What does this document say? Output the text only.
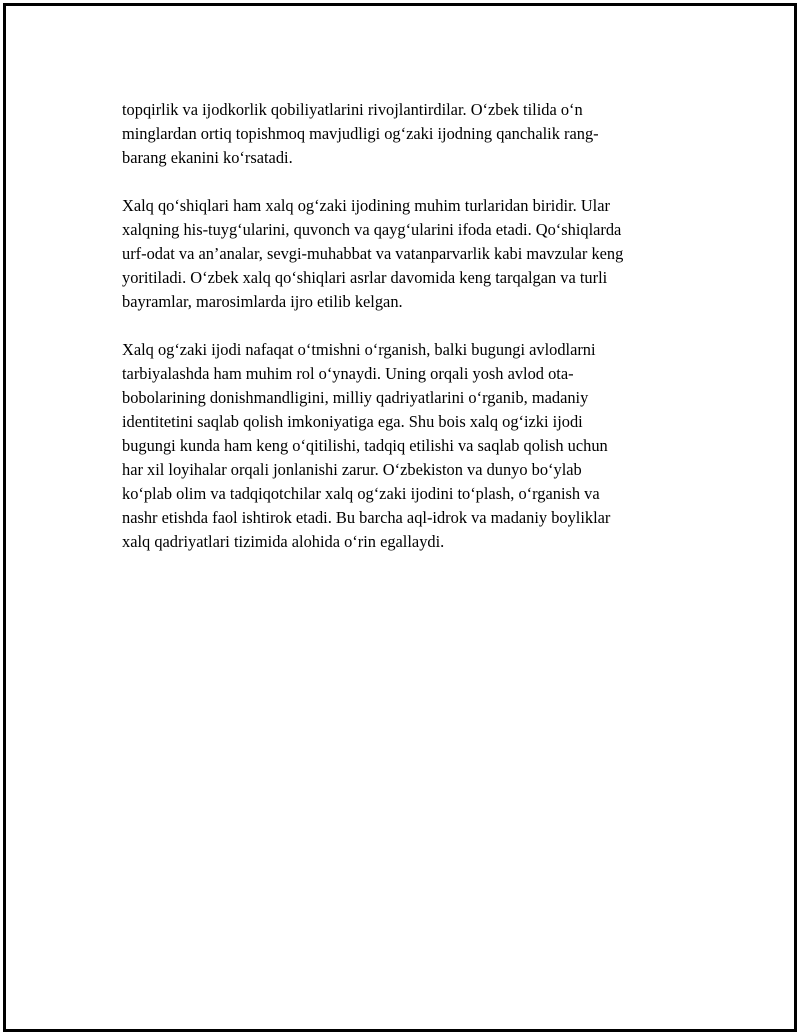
topqirlik va ijodkorlik qobiliyatlarini rivojlantirdilar. O‘zbek tilida o‘n
minglardan ortiq topishmoq mavjudligi og‘zaki ijodning qanchalik rang-
barang ekanini ko‘rsatadi.

Xalq qo‘shiqlari ham xalq og‘zaki ijodining muhim turlaridan biridir. Ular
xalqning his-tuyg‘ularini, quvonch va qayg‘ularini ifoda etadi. Qo‘shiqlarda
urf-odat va an’analar, sevgi-muhabbat va vatanparvarlik kabi mavzular keng
yoritiladi. O‘zbek xalq qo‘shiqlari asrlar davomida keng tarqalgan va turli
bayramlar, marosimlarda ijro etilib kelgan.

Xalq og‘zaki ijodi nafaqat o‘tmishni o‘rganish, balki bugungi avlodlarni
tarbiyalashda ham muhim rol o‘ynaydi. Uning orqali yosh avlod ota-
bobolarining donishmandligini, milliy qadriyatlarini o‘rganib, madaniy
identitetini saqlab qolish imkoniyatiga ega. Shu bois xalq og‘izki ijodi
bugungi kunda ham keng o‘qitilishi, tadqiq etilishi va saqlab qolish uchun
har xil loyihalar orqali jonlanishi zarur. O‘zbekiston va dunyo bo‘ylab
ko‘plab olim va tadqiqotchilar xalq og‘zaki ijodini to‘plash, o‘rganish va
nashr etishda faol ishtirok etadi. Bu barcha aql-idrok va madaniy boyliklar
xalq qadriyatlari tizimida alohida o‘rin egallaydi.
